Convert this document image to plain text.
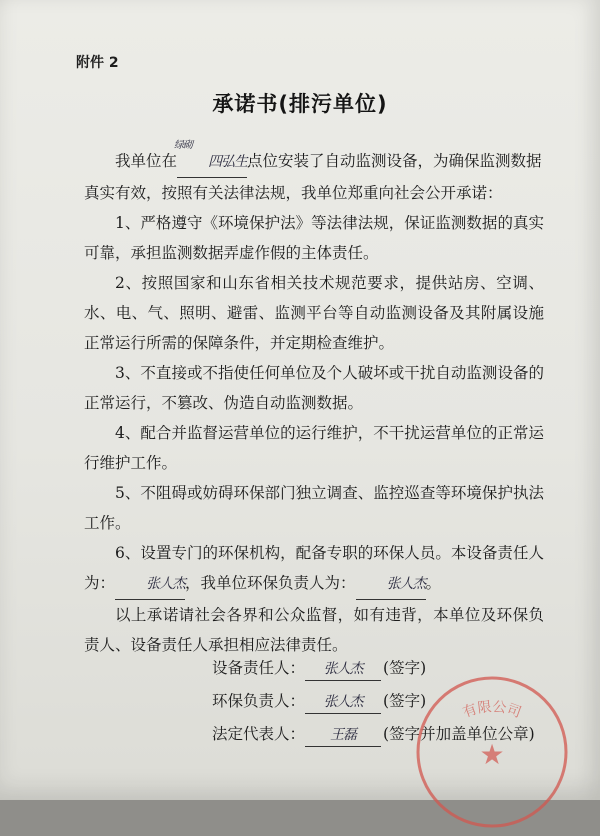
附件 2
承诺书(排污单位)
绿砌

我单位在 四弘生点位安装了自动监测设备，为确保监测数据

真实有效，按照有关法律法规，我单位郑重向社会公开承诺：

1、严格遵守《环境保护法》等法律法规，保证监测数据的真实可靠，承担监测数据弄虚作假的主体责任。

2、按照国家和山东省相关技术规范要求，提供站房、空调、水、电、气、照明、避雷、监测平台等自动监测设备及其附属设施正常运行所需的保障条件，并定期检查维护。

3、不直接或不指使任何单位及个人破坏或干扰自动监测设备的正常运行，不篡改、伪造自动监测数据。

4、配合并监督运营单位的运行维护，不干扰运营单位的正常运行维护工作。

5、不阻碍或妨碍环保部门独立调查、监控巡查等环境保护执法工作。

6、设置专门的环保机构，配备专职的环保人员。本设备责任人为： 张人杰，我单位环保负责人为： 张人杰。

以上承诺请社会各界和公众监督，如有违背，本单位及环保负责人、设备责任人承担相应法律责任。

设备责任人： 张人杰 (签字)
环保负责人： 张人杰 (签字)
法定代表人： 王磊 (签字并加盖单位公章)
有限公司
★
